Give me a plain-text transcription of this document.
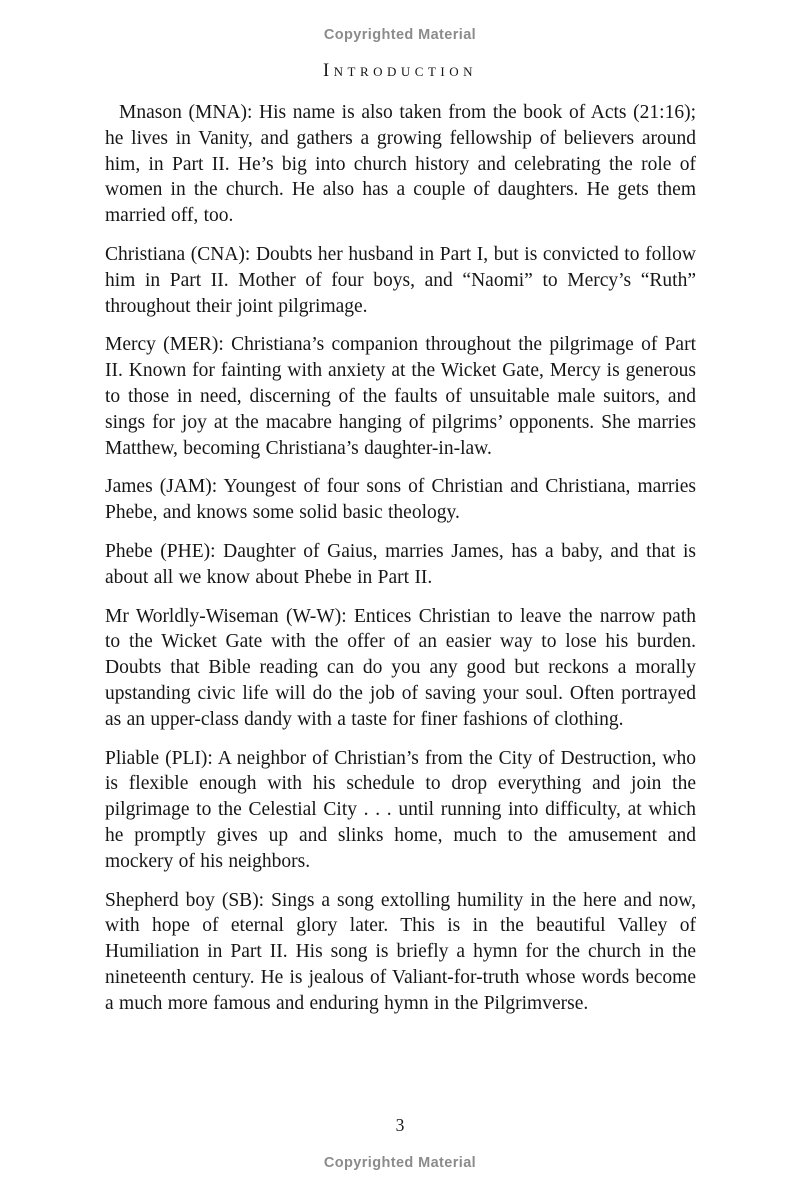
Copyrighted Material
Introduction

Mnason (MNA): His name is also taken from the book of Acts (21:16); he lives in Vanity, and gathers a growing fellowship of believers around him, in Part II. He’s big into church history and celebrating the role of women in the church. He also has a couple of daughters. He gets them married off, too.

Christiana (CNA): Doubts her husband in Part I, but is convicted to follow him in Part II. Mother of four boys, and “Naomi” to Mercy’s “Ruth” throughout their joint pilgrimage.

Mercy (MER): Christiana’s companion throughout the pilgrimage of Part II. Known for fainting with anxiety at the Wicket Gate, Mercy is generous to those in need, discerning of the faults of unsuitable male suitors, and sings for joy at the macabre hanging of pilgrims’ opponents. She marries Matthew, becoming Christiana’s daughter-in-law.

James (JAM): Youngest of four sons of Christian and Christiana, marries Phebe, and knows some solid basic theology.

Phebe (PHE): Daughter of Gaius, marries James, has a baby, and that is about all we know about Phebe in Part II.

Mr Worldly-Wiseman (W-W): Entices Christian to leave the narrow path to the Wicket Gate with the offer of an easier way to lose his burden. Doubts that Bible reading can do you any good but reckons a morally upstanding civic life will do the job of saving your soul. Often portrayed as an upper-class dandy with a taste for finer fashions of clothing.

Pliable (PLI): A neighbor of Christian’s from the City of Destruction, who is flexible enough with his schedule to drop everything and join the pilgrimage to the Celestial City . . . until running into difficulty, at which he promptly gives up and slinks home, much to the amusement and mockery of his neighbors.

Shepherd boy (SB): Sings a song extolling humility in the here and now, with hope of eternal glory later. This is in the beautiful Valley of Humiliation in Part II. His song is briefly a hymn for the church in the nineteenth century. He is jealous of Valiant-for-truth whose words become a much more famous and enduring hymn in the Pilgrimverse.

3
Copyrighted Material
